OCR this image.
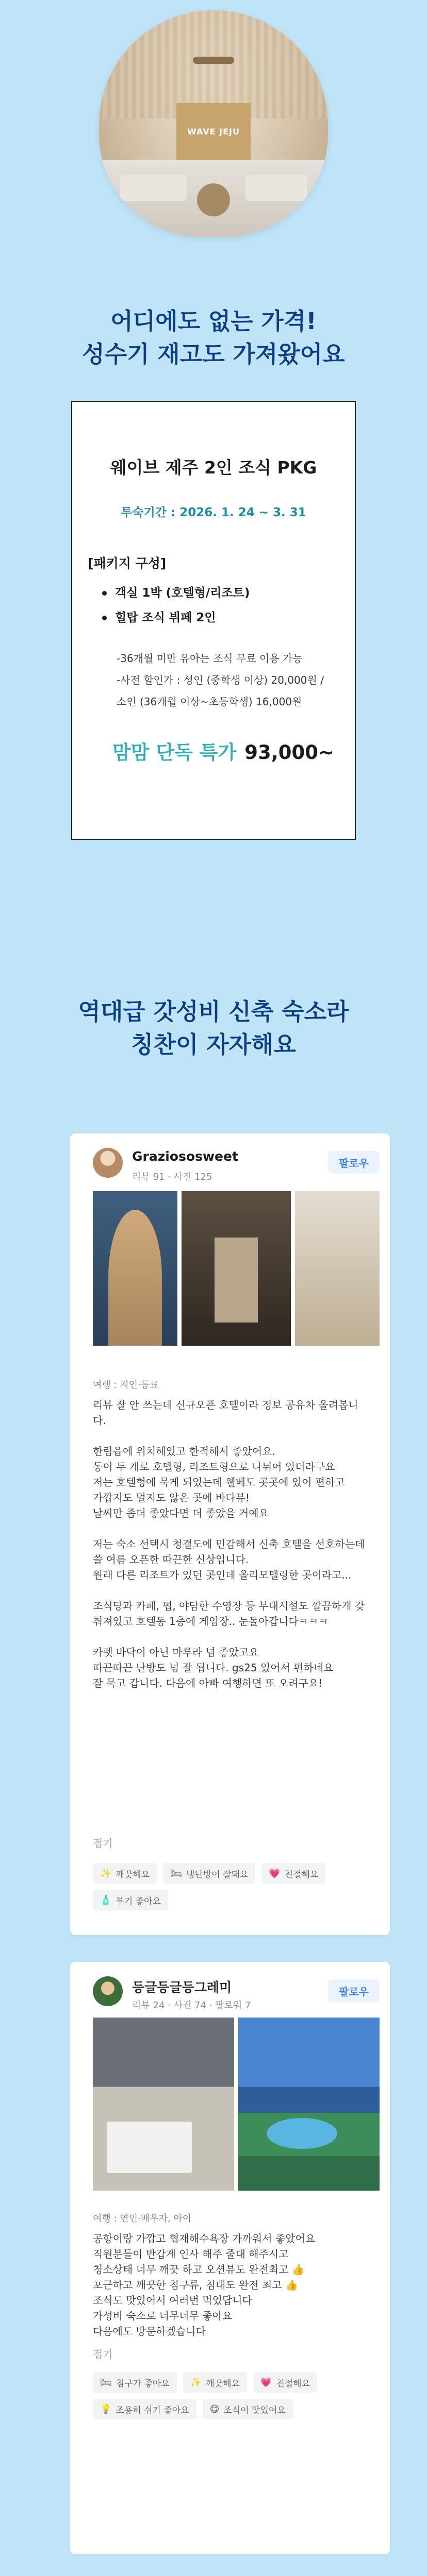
WAVE JEJU
어디에도 없는 가격!
성수기 재고도 가져왔어요
웨이브 제주 2인 조식 PKG
투숙기간 : 2026. 1. 24 ~ 3. 31
[패키지 구성]
객실 1박 (호텔형/리조트)
힐탑 조식 뷔페 2인
-36개월 미만 유아는 조식 무료 이용 가능
-사전 할인가 : 성인 (중학생 이상) 20,000원 /
소인 (36개월 이상~초등학생) 16,000원
맘맘 단독 특가 93,000~
역대급 갓성비 신축 숙소라
칭찬이 자자해요
Graziososweet
리뷰 91 · 사진 125
팔로우
여행 : 지인·동료
리뷰 잘 안 쓰는데 신규오픈 호텔이라 정보 공유차 올려봅니다.

한림읍에 위치해있고 한적해서 좋았어요.
동이 두 개로 호텔형, 리조트형으로 나뉘어 있더라구요
저는 호텔형에 묵게 되었는데 웰베도 곳곳에 있어 편하고
가깝지도 멀지도 않은 곳에 바다뷰!
날씨만 좀더 좋았다면 더 좋았을 거예요

저는 숙소 선택시 청결도에 민감해서 신축 호텔을 선호하는데
쓸 여름 오픈한 따끈한 신상입니다.
원래 다른 리조트가 있던 곳인데 올리모델링한 곳이라고...

조식당과 카페, 펍, 야담한 수영장 등 부대시설도 깔끔하게 갖
춰져있고 호텔동 1층에 게임장.. 눈돌아갑니다ㅋㅋㅋ

카펫 바닥이 아닌 마루라 넘 좋았고요
따끈따끈 난방도 넘 잘 됩니다. gs25 있어서 편하네요
잘 묵고 갑니다. 다음에 아빠 여행하면 또 오려구요!
접기
✨ 깨끗해요 🛏 냉난방이 잘돼요 💗 친절해요
🧴 부기 좋아요
등글등글등그레미
리뷰 24 · 사진 74 · 팔로워 7
팔로우
여행 : 연인·배우자, 아이
공항이랑 가깝고 협재해수욕장 가까워서 좋았어요
직원분들이 반갑게 인사 해주 줄대 해주시고
청소상태 너무 깨끗 하고 오션뷰도 완전최고 👍
포근하고 깨끗한 침구류, 침대도 완전 최고 👍
조식도 맛있어서 여러번 먹었답니다
가성비 숙소로 너무너무 좋아요
다음에도 방문하겠습니다
접기
🛏 침구가 좋아요 ✨ 깨끗해요 💗 친절해요
💡 조용히 쉬기 좋아요 😋 조식이 맛있어요
